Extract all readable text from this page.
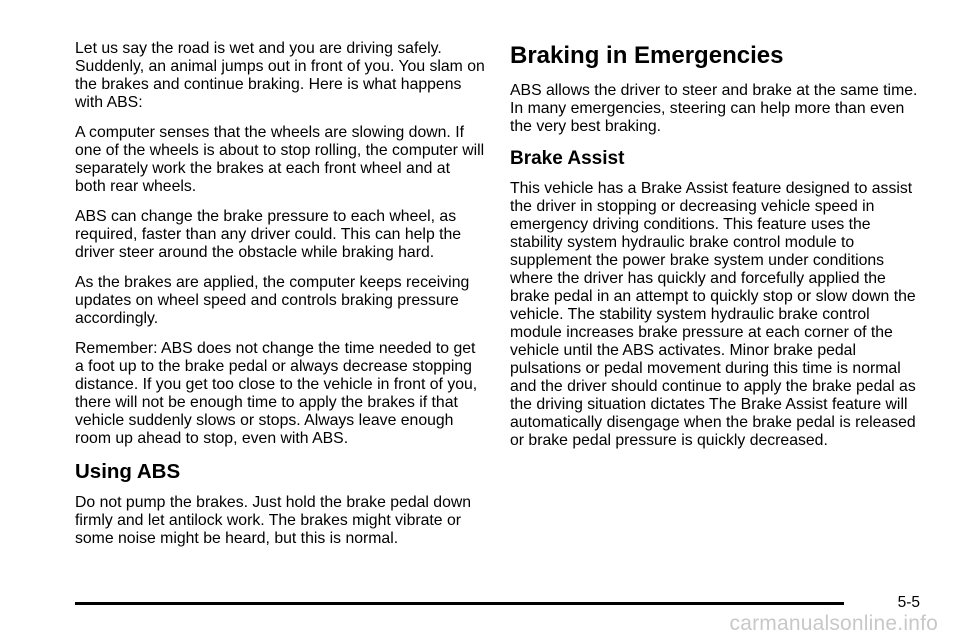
Let us say the road is wet and you are driving safely. Suddenly, an animal jumps out in front of you. You slam on the brakes and continue braking. Here is what happens with ABS:

A computer senses that the wheels are slowing down. If one of the wheels is about to stop rolling, the computer will separately work the brakes at each front wheel and at both rear wheels.

ABS can change the brake pressure to each wheel, as required, faster than any driver could. This can help the driver steer around the obstacle while braking hard.

As the brakes are applied, the computer keeps receiving updates on wheel speed and controls braking pressure accordingly.

Remember: ABS does not change the time needed to get a foot up to the brake pedal or always decrease stopping distance. If you get too close to the vehicle in front of you, there will not be enough time to apply the brakes if that vehicle suddenly slows or stops. Always leave enough room up ahead to stop, even with ABS.

Using ABS

Do not pump the brakes. Just hold the brake pedal down firmly and let antilock work. The brakes might vibrate or some noise might be heard, but this is normal.

Braking in Emergencies

ABS allows the driver to steer and brake at the same time. In many emergencies, steering can help more than even the very best braking.

Brake Assist

This vehicle has a Brake Assist feature designed to assist the driver in stopping or decreasing vehicle speed in emergency driving conditions. This feature uses the stability system hydraulic brake control module to supplement the power brake system under conditions where the driver has quickly and forcefully applied the brake pedal in an attempt to quickly stop or slow down the vehicle. The stability system hydraulic brake control module increases brake pressure at each corner of the vehicle until the ABS activates. Minor brake pedal pulsations or pedal movement during this time is normal and the driver should continue to apply the brake pedal as the driving situation dictates The Brake Assist feature will automatically disengage when the brake pedal is released or brake pedal pressure is quickly decreased.

5-5
carmanualsonline.info
